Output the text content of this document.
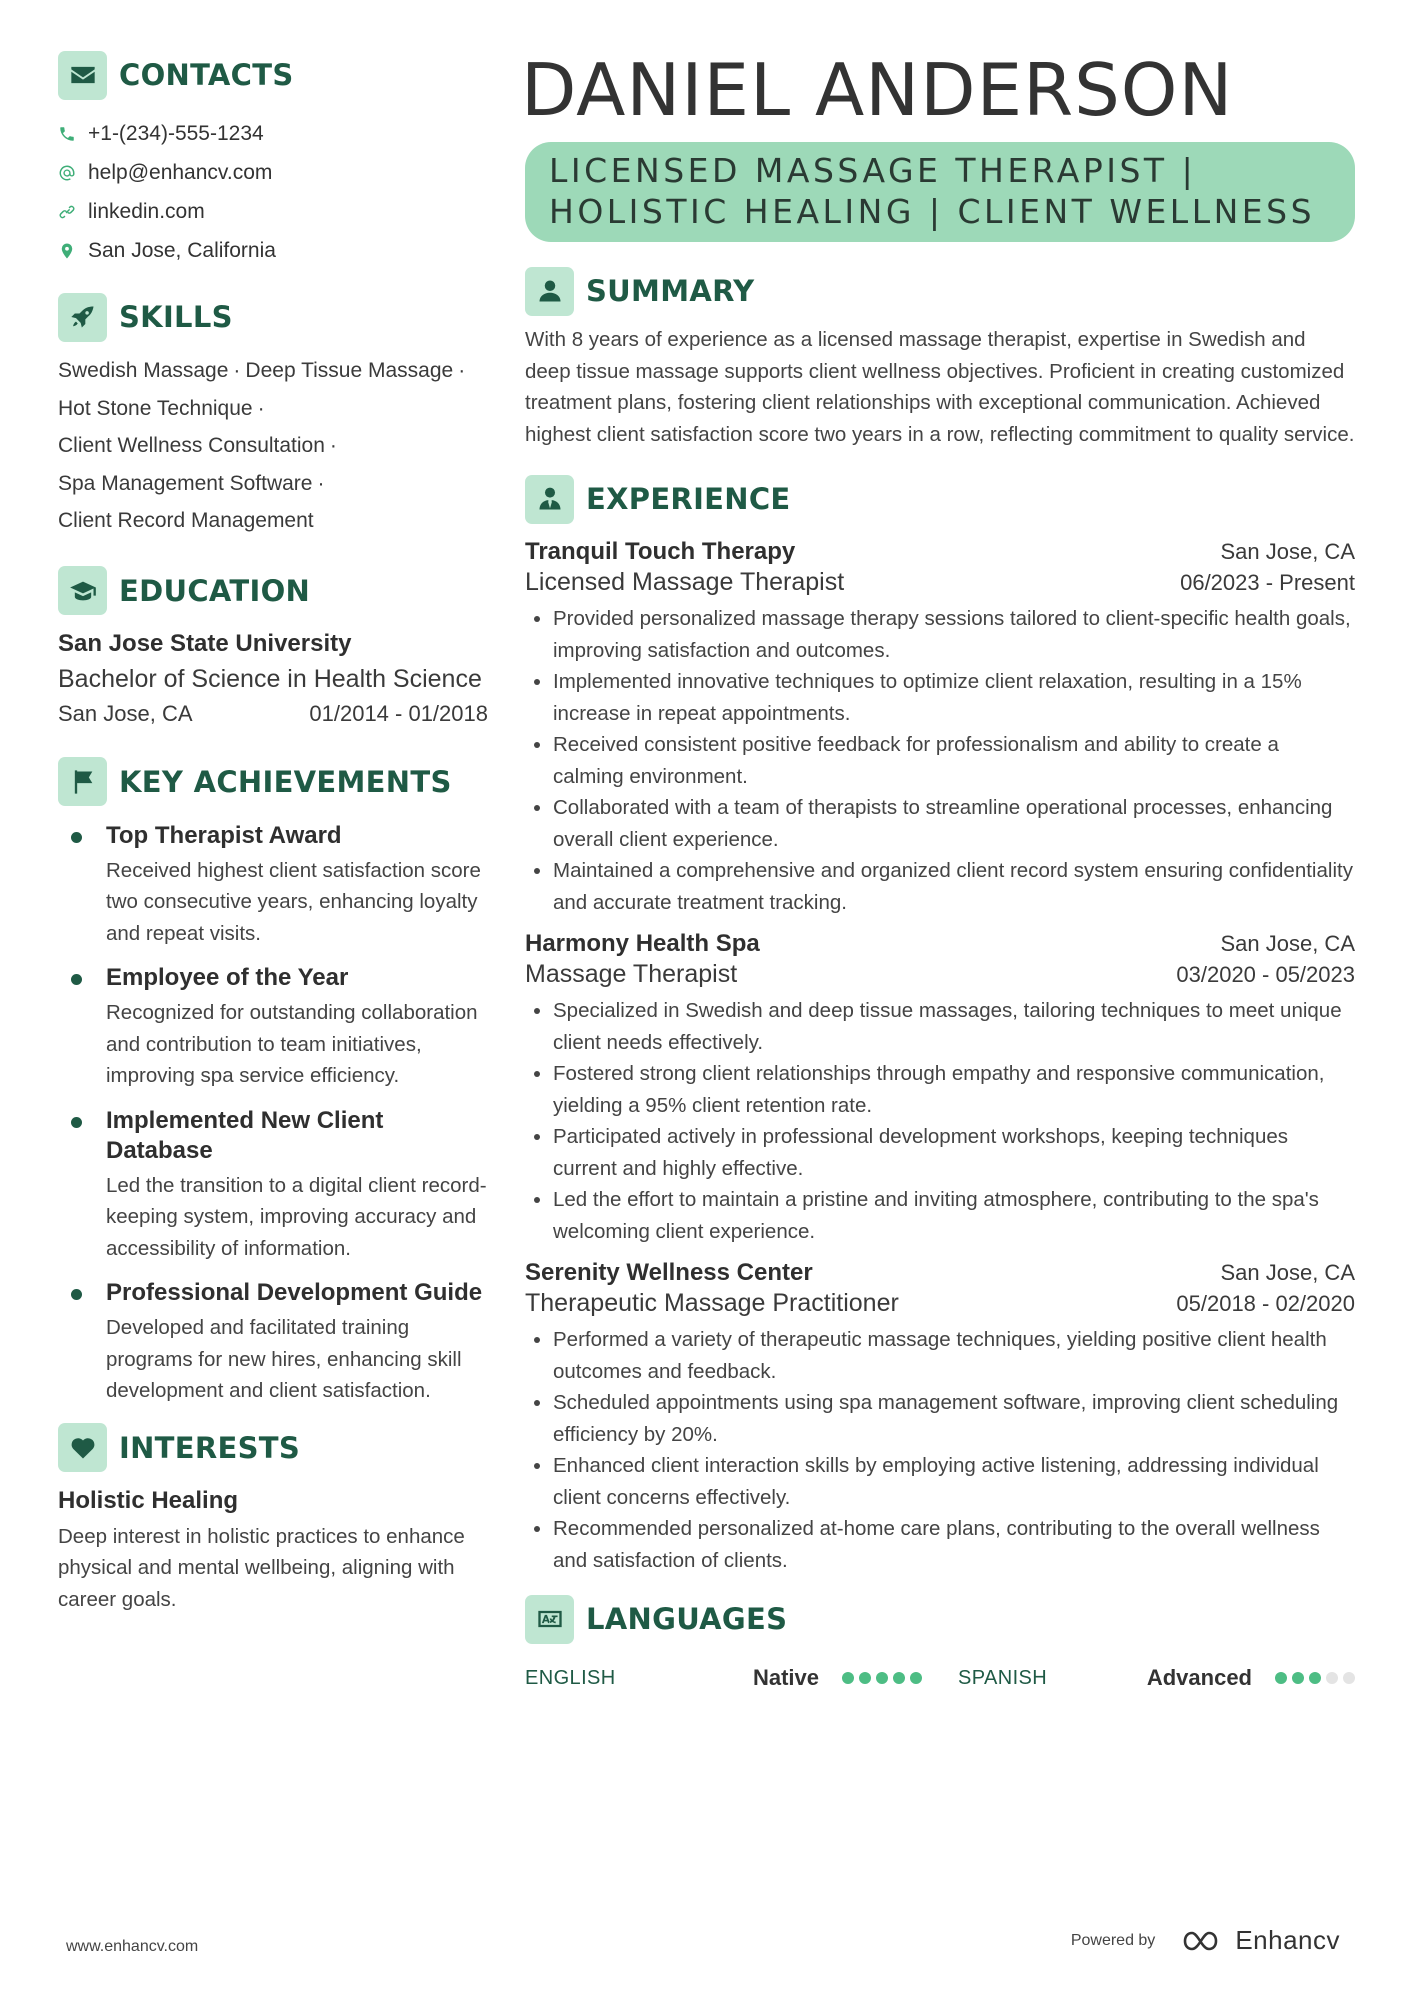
CONTACTS
+1-(234)-555-1234
help@enhancv.com
linkedin.com
San Jose, California
SKILLS
Swedish Massage · Deep Tissue Massage ·
Hot Stone Technique ·
Client Wellness Consultation ·
Spa Management Software ·
Client Record Management
EDUCATION
San Jose State University
Bachelor of Science in Health Science
San Jose, CA	01/2014 - 01/2018
KEY ACHIEVEMENTS
Top Therapist Award
Received highest client satisfaction score two consecutive years, enhancing loyalty and repeat visits.
Employee of the Year
Recognized for outstanding collaboration and contribution to team initiatives, improving spa service efficiency.
Implemented New Client Database
Led the transition to a digital client record-keeping system, improving accuracy and accessibility of information.
Professional Development Guide
Developed and facilitated training programs for new hires, enhancing skill development and client satisfaction.
INTERESTS
Holistic Healing
Deep interest in holistic practices to enhance physical and mental wellbeing, aligning with career goals.
DANIEL ANDERSON
LICENSED MASSAGE THERAPIST | HOLISTIC HEALING | CLIENT WELLNESS
SUMMARY
With 8 years of experience as a licensed massage therapist, expertise in Swedish and deep tissue massage supports client wellness objectives. Proficient in creating customized treatment plans, fostering client relationships with exceptional communication. Achieved highest client satisfaction score two years in a row, reflecting commitment to quality service.
EXPERIENCE
Tranquil Touch Therapy	San Jose, CA
Licensed Massage Therapist	06/2023 - Present
• Provided personalized massage therapy sessions tailored to client-specific health goals, improving satisfaction and outcomes.
• Implemented innovative techniques to optimize client relaxation, resulting in a 15% increase in repeat appointments.
• Received consistent positive feedback for professionalism and ability to create a calming environment.
• Collaborated with a team of therapists to streamline operational processes, enhancing overall client experience.
• Maintained a comprehensive and organized client record system ensuring confidentiality and accurate treatment tracking.
Harmony Health Spa	San Jose, CA
Massage Therapist	03/2020 - 05/2023
• Specialized in Swedish and deep tissue massages, tailoring techniques to meet unique client needs effectively.
• Fostered strong client relationships through empathy and responsive communication, yielding a 95% client retention rate.
• Participated actively in professional development workshops, keeping techniques current and highly effective.
• Led the effort to maintain a pristine and inviting atmosphere, contributing to the spa's welcoming client experience.
Serenity Wellness Center	San Jose, CA
Therapeutic Massage Practitioner	05/2018 - 02/2020
• Performed a variety of therapeutic massage techniques, yielding positive client health outcomes and feedback.
• Scheduled appointments using spa management software, improving client scheduling efficiency by 20%.
• Enhanced client interaction skills by employing active listening, addressing individual client concerns effectively.
• Recommended personalized at-home care plans, contributing to the overall wellness and satisfaction of clients.
LANGUAGES
ENGLISH	Native	SPANISH	Advanced
www.enhancv.com	Powered by	Enhancv
